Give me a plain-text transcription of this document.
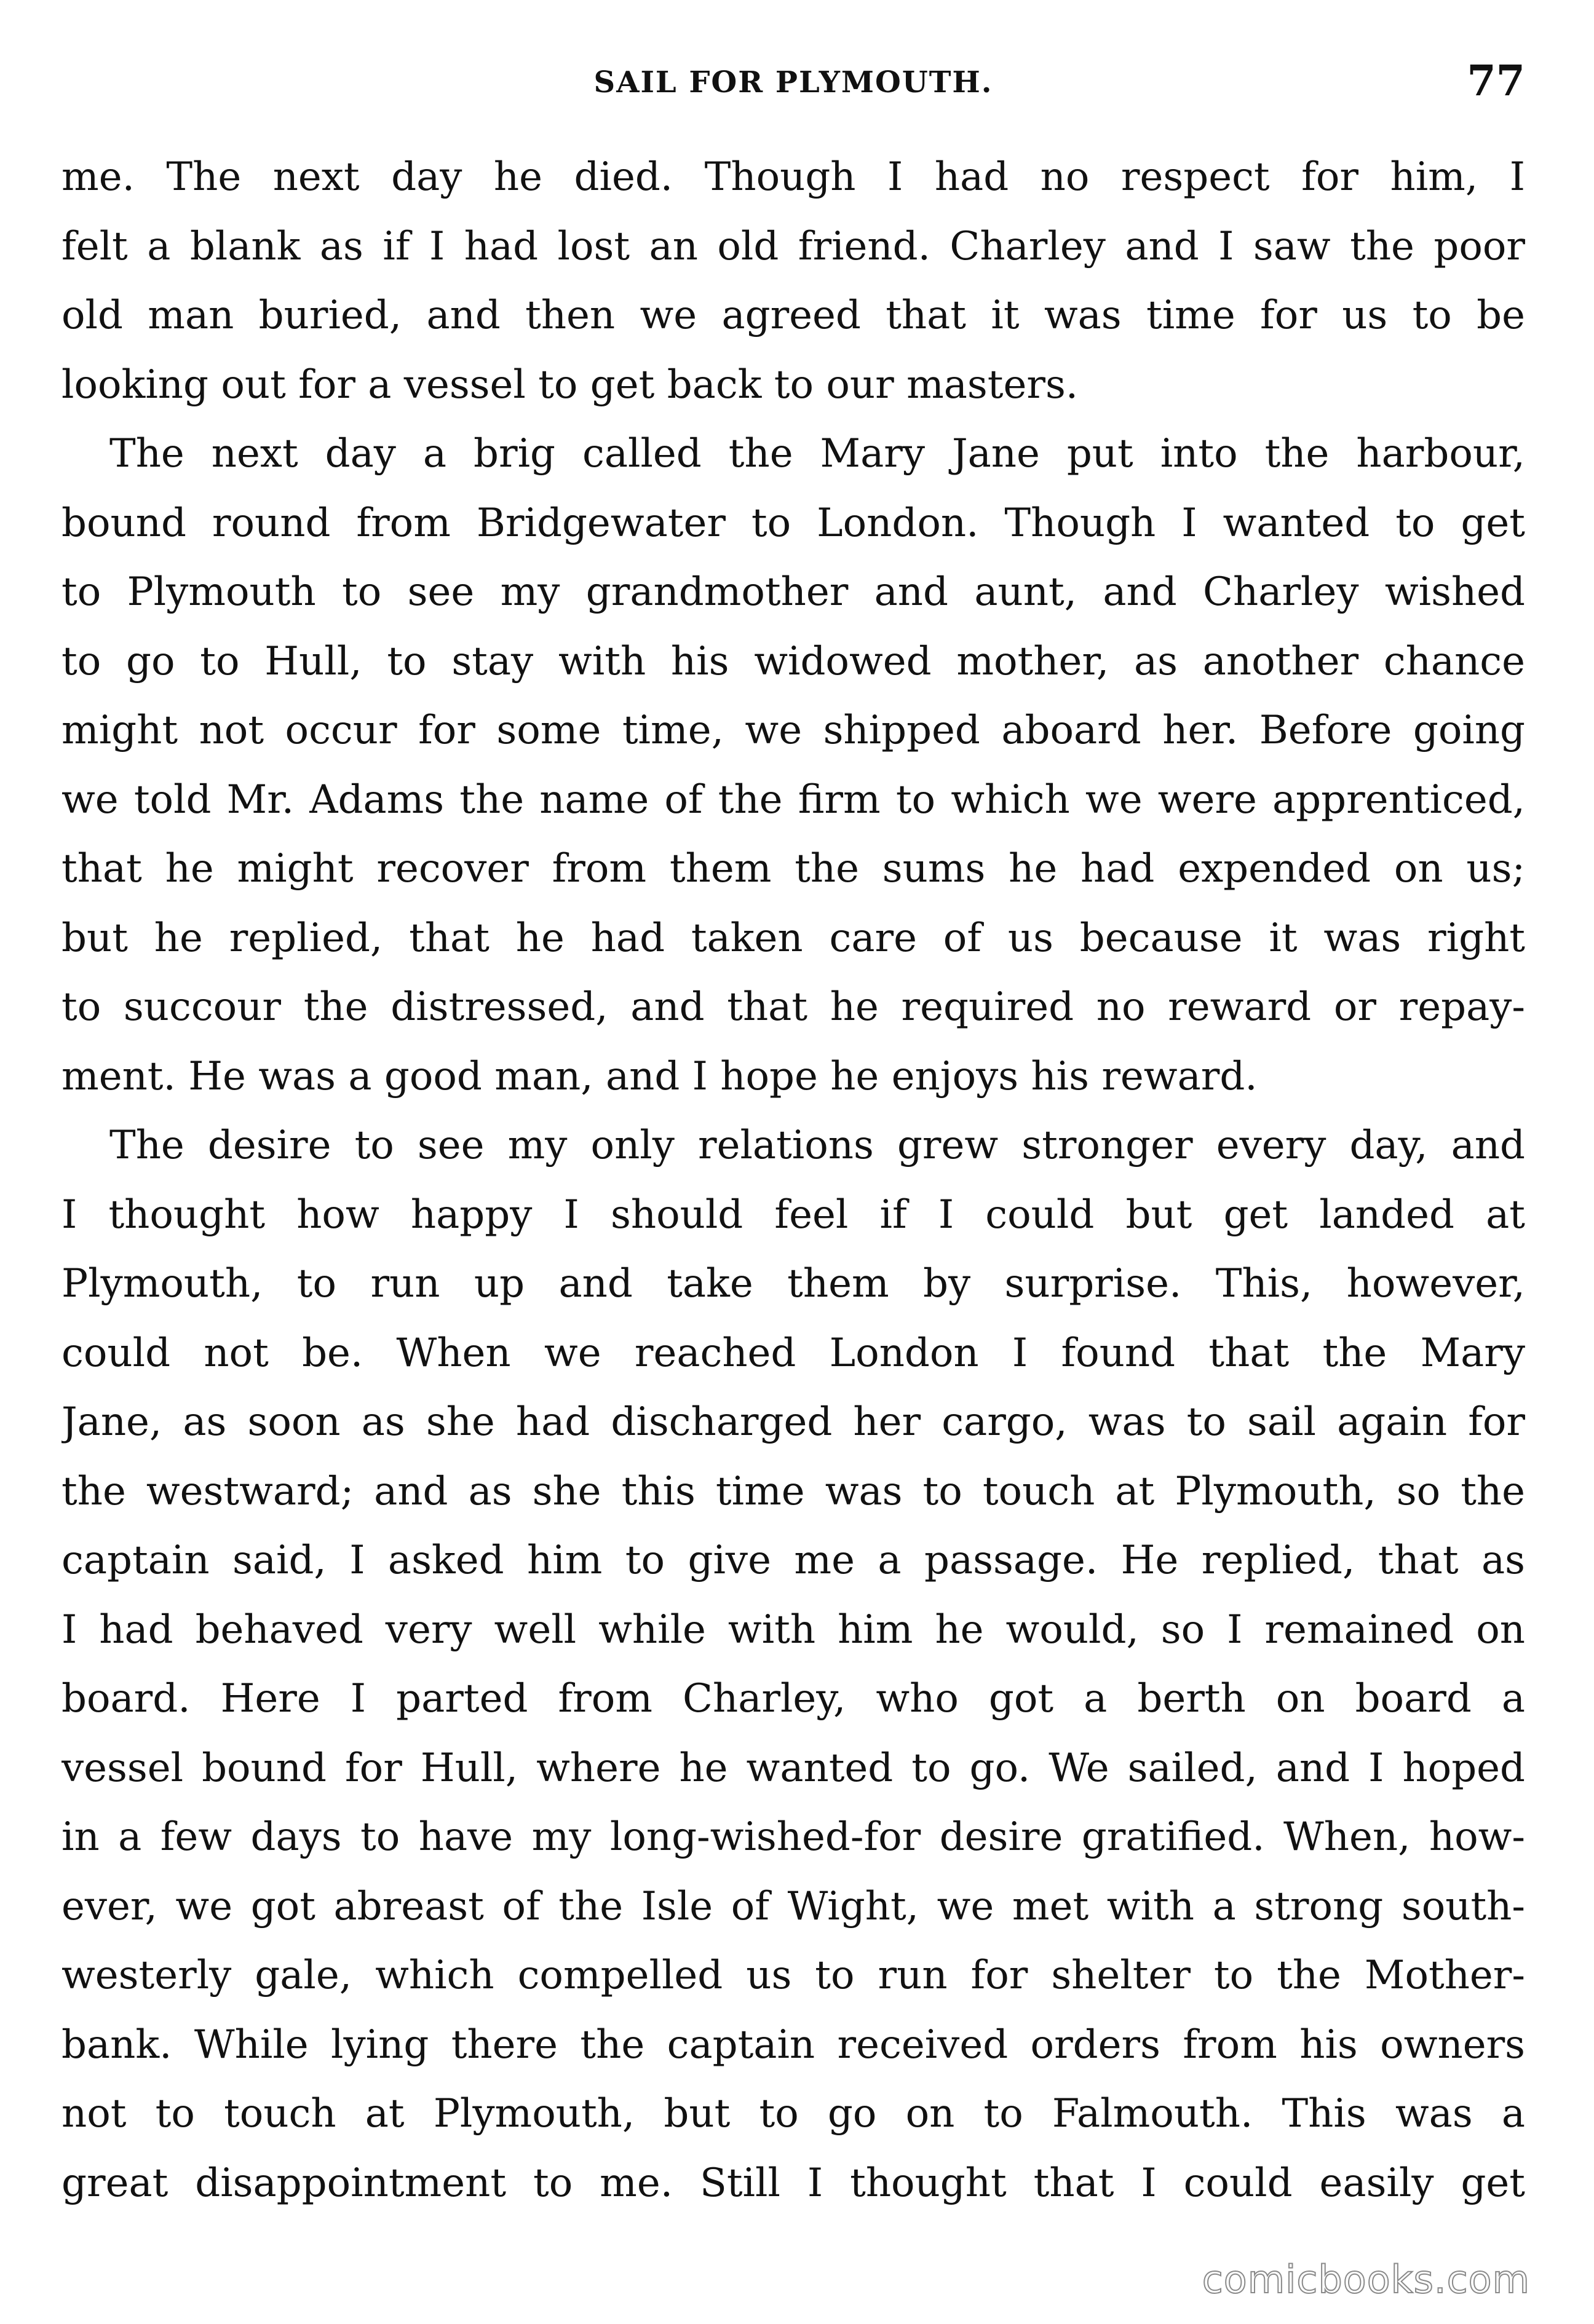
SAIL FOR PLYMOUTH.	77
me. The next day he died. Though I had no respect for him, I
felt a blank as if I had lost an old friend. Charley and I saw the poor
old man buried, and then we agreed that it was time for us to be
looking out for a vessel to get back to our masters.
The next day a brig called the Mary Jane put into the harbour,
bound round from Bridgewater to London. Though I wanted to get
to Plymouth to see my grandmother and aunt, and Charley wished
to go to Hull, to stay with his widowed mother, as another chance
might not occur for some time, we shipped aboard her. Before going
we told Mr. Adams the name of the firm to which we were apprenticed,
that he might recover from them the sums he had expended on us;
but he replied, that he had taken care of us because it was right
to succour the distressed, and that he required no reward or repay-
ment. He was a good man, and I hope he enjoys his reward.
The desire to see my only relations grew stronger every day, and
I thought how happy I should feel if I could but get landed at
Plymouth, to run up and take them by surprise. This, however,
could not be. When we reached London I found that the Mary
Jane, as soon as she had discharged her cargo, was to sail again for
the westward; and as she this time was to touch at Plymouth, so the
captain said, I asked him to give me a passage. He replied, that as
I had behaved very well while with him he would, so I remained on
board. Here I parted from Charley, who got a berth on board a
vessel bound for Hull, where he wanted to go. We sailed, and I hoped
in a few days to have my long-wished-for desire gratified. When, how-
ever, we got abreast of the Isle of Wight, we met with a strong south-
westerly gale, which compelled us to run for shelter to the Mother-
bank. While lying there the captain received orders from his owners
not to touch at Plymouth, but to go on to Falmouth. This was a
great disappointment to me. Still I thought that I could easily get
comicbooks.com
